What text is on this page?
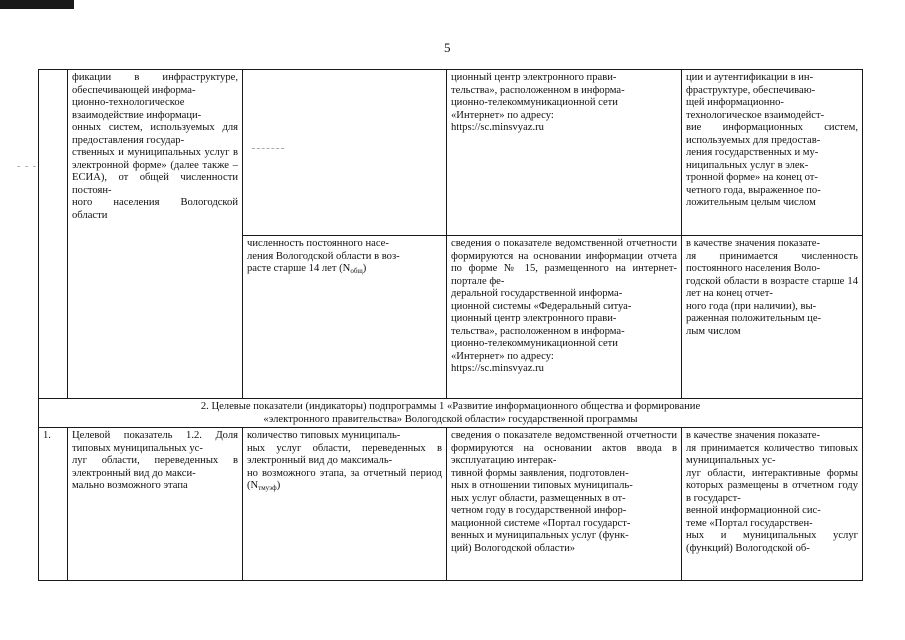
5
- - -
фикации в инфраструктуре, обеспечивающей информа-
ционно-технологическое
взаимодействие информаци-
онных систем, используемых для предоставления государ-
ственных и муниципальных услуг в электронной форме» (далее также – ЕСИА), от общей численности постоян-
ного населения Вологодской области
ционный центр электронного прави-
тельства», расположенном в информа-
ционно-телекоммуникационной сети
«Интернет» по адресу:
https://sc.minsvyaz.ru
ции и аутентификации в ин-
фраструктуре, обеспечиваю-
щей информационно-
технологическое взаимодейст-
вие информационных систем, используемых для предостав-
ления государственных и му-
ниципальных услуг в элек-
тронной форме» на конец от-
четного года, выраженное по-
ложительным целым числом
численность постоянного насе-
ления Вологодской области в воз-
расте старше 14 лет $(N_{общ})$
сведения о показателе ведомственной отчетности формируются на основании информации отчета по форме № 15, размещенного на интернет-портале фе-
деральной государственной информа-
ционной системы «Федеральный ситуа-
ционный центр электронного прави-
тельства», расположенном в информа-
ционно-телекоммуникационной сети
«Интернет» по адресу:
https://sc.minsvyaz.ru
в качестве значения показате-
ля принимается численность постоянного населения Воло-
годской области в возрасте старше 14 лет на конец отчет-
ного года (при наличии), вы-
раженная положительным це-
лым числом
2. Целевые показатели (индикаторы) подпрограммы 1 «Развитие информационного общества и формирование
«электронного правительства» Вологодской области» государственной программы
1.	Целевой показатель 1.2. Доля типовых муниципальных ус-
луг области, переведенных в электронный вид до макси-
мально возможного этапа
количество типовых муниципаль-
ных услуг области, переведенных в электронный вид до максималь-
но возможного этапа, за отчетный период $(N_{тмуэф})$
сведения о показателе ведомственной отчетности формируются на основании актов ввода в эксплуатацию интерак-
тивной формы заявления, подготовлен-
ных в отношении типовых муниципаль-
ных услуг области, размещенных в от-
четном году в государственной инфор-
мационной системе «Портал государст-
венных и муниципальных услуг (функ-
ций) Вологодской области»
в качестве значения показате-
ля принимается количество типовых муниципальных ус-
луг области, интерактивные формы которых размещены в отчетном году в государст-
венной информационной сис-
теме «Портал государствен-
ных и муниципальных услуг (функций) Вологодской об-
